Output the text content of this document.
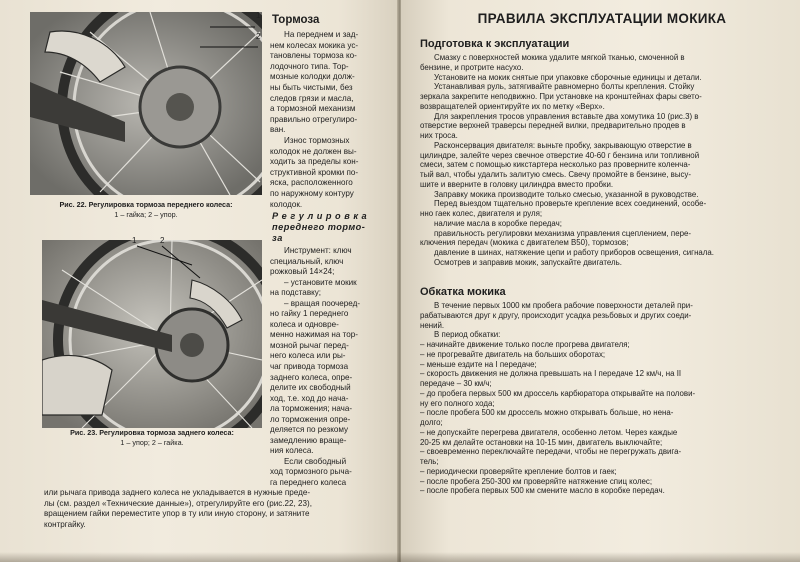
1
2
Рис. 22. Регулировка тормоза переднего колеса:
1 – гайка; 2 – упор.
1	2
Рис. 23. Регулировка тормоза заднего колеса:
1 – упор; 2 – гайка.
Тормоза

На переднем и зад-

нем колесах мокика ус-

тановлены тормоза ко-

лодочного типа. Тор-

мозные колодки долж-

ны быть чистыми, без

следов грязи и масла,

а тормозной механизм

правильно отрегулиро-

ван.

Износ тормозных

колодок не должен вы-

ходить за пределы кон-

структивной кромки по-

яска, расположенного

по наружному контуру

колодок.

Р е г у л и р о в к а
переднего тормо-
за

Инструмент: ключ

специальный, ключ

рожковый 14×24;

– установите мокик

на подставку;

– вращая поочеред-

но гайку 1 переднего

колеса и одновре-

менно нажимая на тор-

мозной рычаг перед-

него колеса или ры-

чаг привода тормоза

заднего колеса, опре-

делите их свободный

ход, т.е. ход до нача-

ла торможения; нача-

ло торможения опре-

деляется по резкому

замедлению враще-

ния колеса.

Если свободный

ход тормозного рыча-

га переднего колеса

или рычага привода заднего колеса не укладывается в нужные преде-

лы (см. раздел «Технические данные»), отрегулируйте его (рис.22, 23),

вращением гайки переместите упор в ту или иную сторону, и затяните

контргайку.

ПРАВИЛА ЭКСПЛУАТАЦИИ МОКИКА
Подготовка к эксплуатации

Смазку с поверхностей мокика удалите мягкой тканью, смоченной в

бензине, и протрите насухо.

Установите на мокик снятые при упаковке сборочные единицы и детали.

Устанавливая руль, затягивайте равномерно болты крепления. Стойку

зеркала закрепите неподвижно. При установке на кронштейнах фары свето-

возвращателей ориентируйте их по метку «Верх».

Для закрепления тросов управления вставьте два хомутика 10 (рис.3) в

отверстие верхней траверсы передней вилки, предварительно продев в

них троса.

Расконсервация двигателя: выньте пробку, закрывающую отверстие в

цилиндре, залейте через свечное отверстие 40-60 г бензина или топливной

смеси, затем с помощью кикстартера несколько раз проверните коленча-

тый вал, чтобы удалить залитую смесь. Свечу промойте в бензине, высу-

шите и вверните в головку цилиндра вместо пробки.

Заправку мокика производите только смесью, указанной в руководстве.

Перед выездом тщательно проверьте крепление всех соединений, особе-

нно гаек колес, двигателя и руля;

наличие масла в коробке передач;

правильность регулировки механизма управления сцеплением, пере-

ключения передач (мокика с двигателем В50), тормозов;

давление в шинах, натяжение цепи и работу приборов освещения, сигнала.

Осмотрев и заправив мокик, запускайте двигатель.

Обкатка мокика

В течение первых 1000 км пробега рабочие поверхности деталей при-

рабатываются друг к другу, происходит усадка резьбовых и других соеди-

нений.

В период обкатки:

– начинайте движение только после прогрева двигателя;

– не прогревайте двигатель на больших оборотах;

– меньше ездите на I передаче;

– скорость движения не должна превышать на I передаче 12 км/ч, на II

передаче – 30 км/ч;

– до пробега первых 500 км дроссель карбюратора открывайте на полови-

ну его полного хода;

– после пробега 500 км дроссель можно открывать больше, но нена-

долго;

– не допускайте перегрева двигателя, особенно летом. Через каждые

20-25 км делайте остановки на 10-15 мин, двигатель выключайте;

– своевременно переключайте передачи, чтобы не перегружать двига-

тель;

– периодически проверяйте крепление болтов и гаек;

– после пробега 250-300 км проверяйте натяжение спиц колес;

– после пробега первых 500 км смените масло в коробке передач.
